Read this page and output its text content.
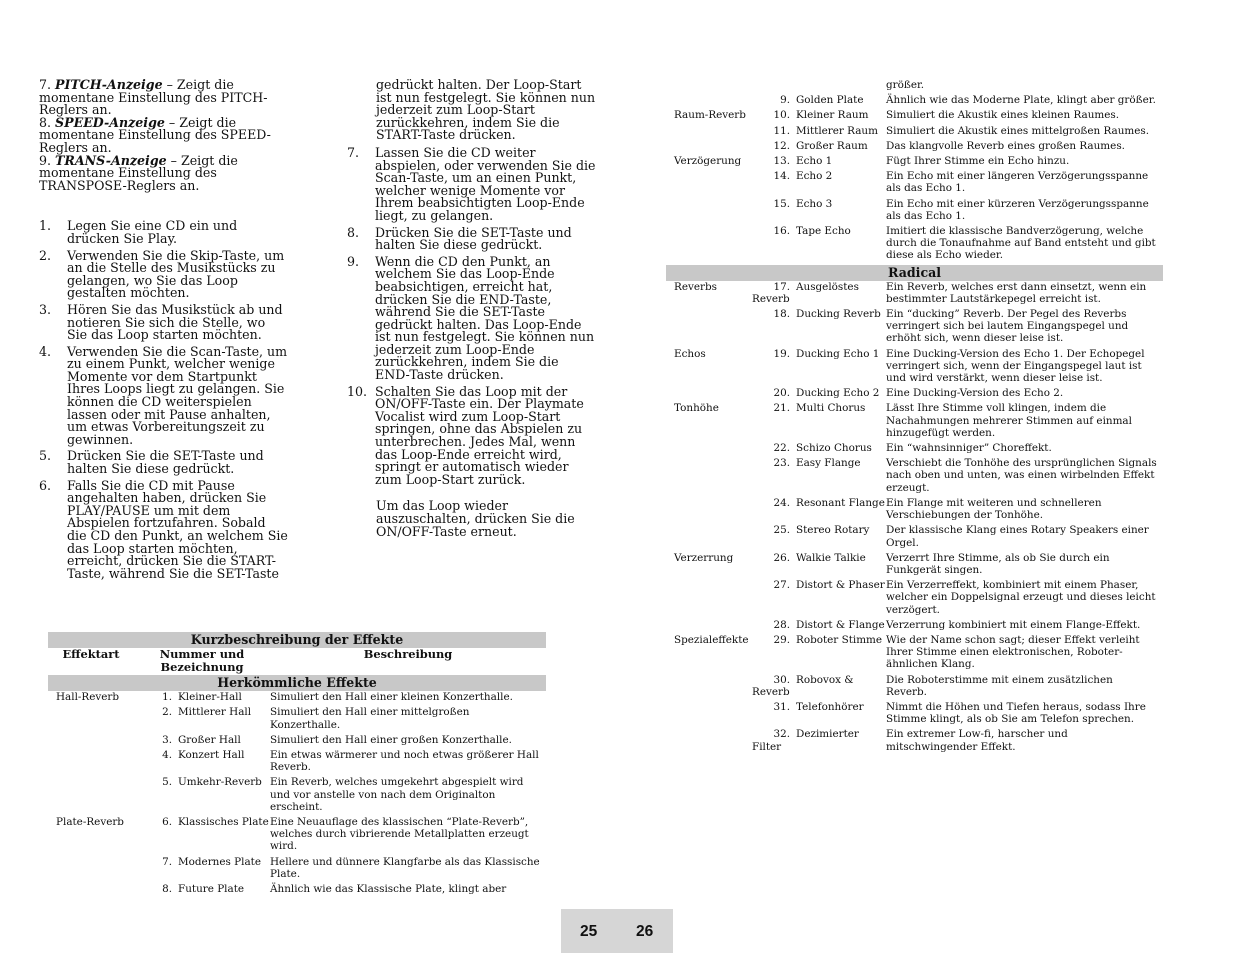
7. PITCH-Anzeige – Zeigt die momentane Einstellung des PITCH-Reglers an.

8. SPEED-Anzeige – Zeigt die momentane Einstellung des SPEED-Reglers an.

9. TRANS-Anzeige – Zeigt die momentane Einstellung des TRANSPOSE-Reglers an.

1. Legen Sie eine CD ein und drücken Sie Play.
2. Verwenden Sie die Skip-Taste, um an die Stelle des Musikstücks zu gelangen, wo Sie das Loop gestalten möchten.
3. Hören Sie das Musikstück ab und notieren Sie sich die Stelle, wo Sie das Loop starten möchten.
4. Verwenden Sie die Scan-Taste, um zu einem Punkt, welcher wenige Momente vor dem Startpunkt Ihres Loops liegt zu gelangen. Sie können die CD weiterspielen lassen oder mit Pause anhalten, um etwas Vorbereitungszeit zu gewinnen.
5. Drücken Sie die SET-Taste und halten Sie diese gedrückt.
6. Falls Sie die CD mit Pause angehalten haben, drücken Sie PLAY/PAUSE um mit dem Abspielen fortzufahren. Sobald die CD den Punkt, an welchem Sie das Loop starten möchten, erreicht, drücken Sie die START-Taste, während Sie die SET-Taste

gedrückt halten. Der Loop-Start ist nun festgelegt. Sie können nun jederzeit zum Loop-Start zurückkehren, indem Sie die START-Taste drücken.

7. Lassen Sie die CD weiter abspielen, oder verwenden Sie die Scan-Taste, um an einen Punkt, welcher wenige Momente vor Ihrem beabsichtigten Loop-Ende liegt, zu gelangen.
8. Drücken Sie die SET-Taste und halten Sie diese gedrückt.
9. Wenn die CD den Punkt, an welchem Sie das Loop-Ende beabsichtigen, erreicht hat, drücken Sie die END-Taste, während Sie die SET-Taste gedrückt halten. Das Loop-Ende ist nun festgelegt. Sie können nun jederzeit zum Loop-Ende zurückkehren, indem Sie die END-Taste drücken.
10. Schalten Sie das Loop mit der ON/OFF-Taste ein. Der Playmate Vocalist wird zum Loop-Start springen, ohne das Abspielen zu unterbrechen. Jedes Mal, wenn das Loop-Ende erreicht wird, springt er automatisch wieder zum Loop-Start zurück.

Um das Loop wieder auszuschalten, drücken Sie die ON/OFF-Taste erneut.

Kurzbeschreibung der Effekte		
Effektart	Nummer und Bezeichnung	Beschreibung
Herkömmliche Effekte		
Hall-Reverb	1. Kleiner-Hall	Simuliert den Hall einer kleinen Konzerthalle.
	2. Mittlerer Hall	Simuliert den Hall einer mittelgroßen Konzerthalle.
	3. Großer Hall	Simuliert den Hall einer großen Konzerthalle.
	4. Konzert Hall	Ein etwas wärmerer und noch etwas größerer Hall Reverb.
	5. Umkehr-Reverb	Ein Reverb, welches umgekehrt abgespielt wird und vor anstelle von nach dem Originalton erscheint.
Plate-Reverb	6. Klassisches Plate	Eine Neuauflage des klassischen “Plate-Reverb”, welches durch vibrierende Metallplatten erzeugt wird.
	7. Modernes Plate	Hellere und dünnere Klangfarbe als das Klassische Plate.
	8. Future Plate	Ähnlich wie das Klassische Plate, klingt aber
		größer.
	9. Golden Plate	Ähnlich wie das Moderne Plate, klingt aber größer.
Raum-Reverb	10. Kleiner Raum	Simuliert die Akustik eines kleinen Raumes.
	11. Mittlerer Raum	Simuliert die Akustik eines mittelgroßen Raumes.
	12. Großer Raum	Das klangvolle Reverb eines großen Raumes.
Verzögerung	13. Echo 1	Fügt Ihrer Stimme ein Echo hinzu.
	14. Echo 2	Ein Echo mit einer längeren Verzögerungsspanne als das Echo 1.
	15. Echo 3	Ein Echo mit einer kürzeren Verzögerungsspanne als das Echo 1.
	16. Tape Echo	Imitiert die klassische Bandverzögerung, welche durch die Tonaufnahme auf Band entsteht und gibt diese als Echo wieder.
Radical		
Reverbs	17. Ausgelöstes Reverb	Ein Reverb, welches erst dann einsetzt, wenn ein bestimmter Lautstärkepegel erreicht ist.
	18. Ducking Reverb	Ein “ducking” Reverb. Der Pegel des Reverbs verringert sich bei lautem Eingangspegel und erhöht sich, wenn dieser leise ist.
Echos	19. Ducking Echo 1	Eine Ducking-Version des Echo 1. Der Echopegel verringert sich, wenn der Eingangspegel laut ist und wird verstärkt, wenn dieser leise ist.
	20. Ducking Echo 2	Eine Ducking-Version des Echo 2.
Tonhöhe	21. Multi Chorus	Lässt Ihre Stimme voll klingen, indem die Nachahmungen mehrerer Stimmen auf einmal hinzugefügt werden.
	22. Schizo Chorus	Ein “wahnsinniger” Choreffekt.
	23. Easy Flange	Verschiebt die Tonhöhe des ursprünglichen Signals nach oben und unten, was einen wirbelnden Effekt erzeugt.
	24. Resonant Flange	Ein Flange mit weiteren und schnelleren Verschiebungen der Tonhöhe.
	25. Stereo Rotary	Der klassische Klang eines Rotary Speakers einer Orgel.
Verzerrung	26. Walkie Talkie	Verzerrt Ihre Stimme, als ob Sie durch ein Funkgerät singen.
	27. Distort & Phaser	Ein Verzerreffekt, kombiniert mit einem Phaser, welcher ein Doppelsignal erzeugt und dieses leicht verzögert.
	28. Distort & Flange	Verzerrung kombiniert mit einem Flange-Effekt.
Spezialeffekte	29. Roboter Stimme	Wie der Name schon sagt; dieser Effekt verleiht Ihrer Stimme einen elektronischen, Roboter-ähnlichen Klang.
	30. Robovox & Reverb	Die Roboterstimme mit einem zusätzlichen Reverb.
	31. Telefonhörer	Nimmt die Höhen und Tiefen heraus, sodass Ihre Stimme klingt, als ob Sie am Telefon sprechen.
	32. Dezimierter Filter	Ein extremer Low-fi, harscher und mitschwingender Effekt.
25	26
